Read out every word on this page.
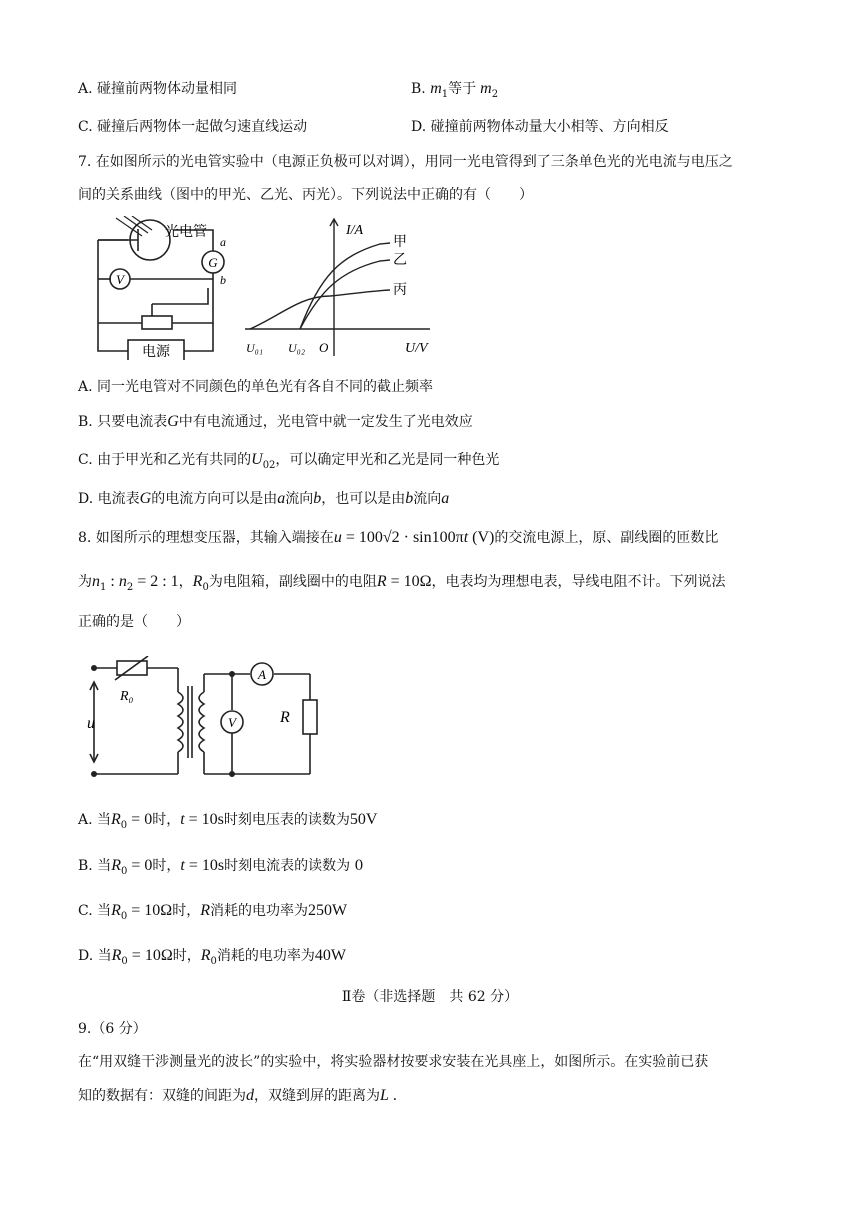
A. 碰撞前两物体动量相同	B. $m_1$等于 $m_2$
C. 碰撞后两物体一起做匀速直线运动	D. 碰撞前两物体动量大小相等、方向相反
7. 在如图所示的光电管实验中（电源正负极可以对调），用同一光电管得到了三条单色光的光电流与电压之
间的关系曲线（图中的甲光、乙光、丙光）。下列说法中正确的有（　　）
光电管
a
b
G
V
电源
I/A
U/V
甲
乙
丙
U₀₁ U₀₂ O
A. 同一光电管对不同颜色的单色光有各自不同的截止频率
B. 只要电流表G中有电流通过，光电管中就一定发生了光电效应
C. 由于甲光和乙光有共同的$U_{02}$，可以确定甲光和乙光是同一种色光
D. 电流表G的电流方向可以是由a流向b，也可以是由b流向a
8. 如图所示的理想变压器，其输入端接在u = 100√2 · sin100πt (V)的交流电源上，原、副线圈的匝数比
为$n_1$ : $n_2 = 2$ : 1，$R_0$为电阻箱，副线圈中的电阻R = 10Ω，电表均为理想电表，导线电阻不计。下列说法
正确的是（　　）
R₀
u
A
V	R
A. 当$R_0 = 0$时，t = 10s时刻电压表的读数为50V
B. 当$R_0 = 0$时，t = 10s时刻电流表的读数为 0
C. 当$R_0 = 10\Omega$时，R消耗的电功率为250W
D. 当$R_0 = 10\Omega$时，$R_0$消耗的电功率为40W
Ⅱ卷（非选择题　共 62 分）
9.（6 分）
在“用双缝干涉测量光的波长”的实验中，将实验器材按要求安装在光具座上，如图所示。在实验前已获
知的数据有：双缝的间距为d，双缝到屏的距离为L .
